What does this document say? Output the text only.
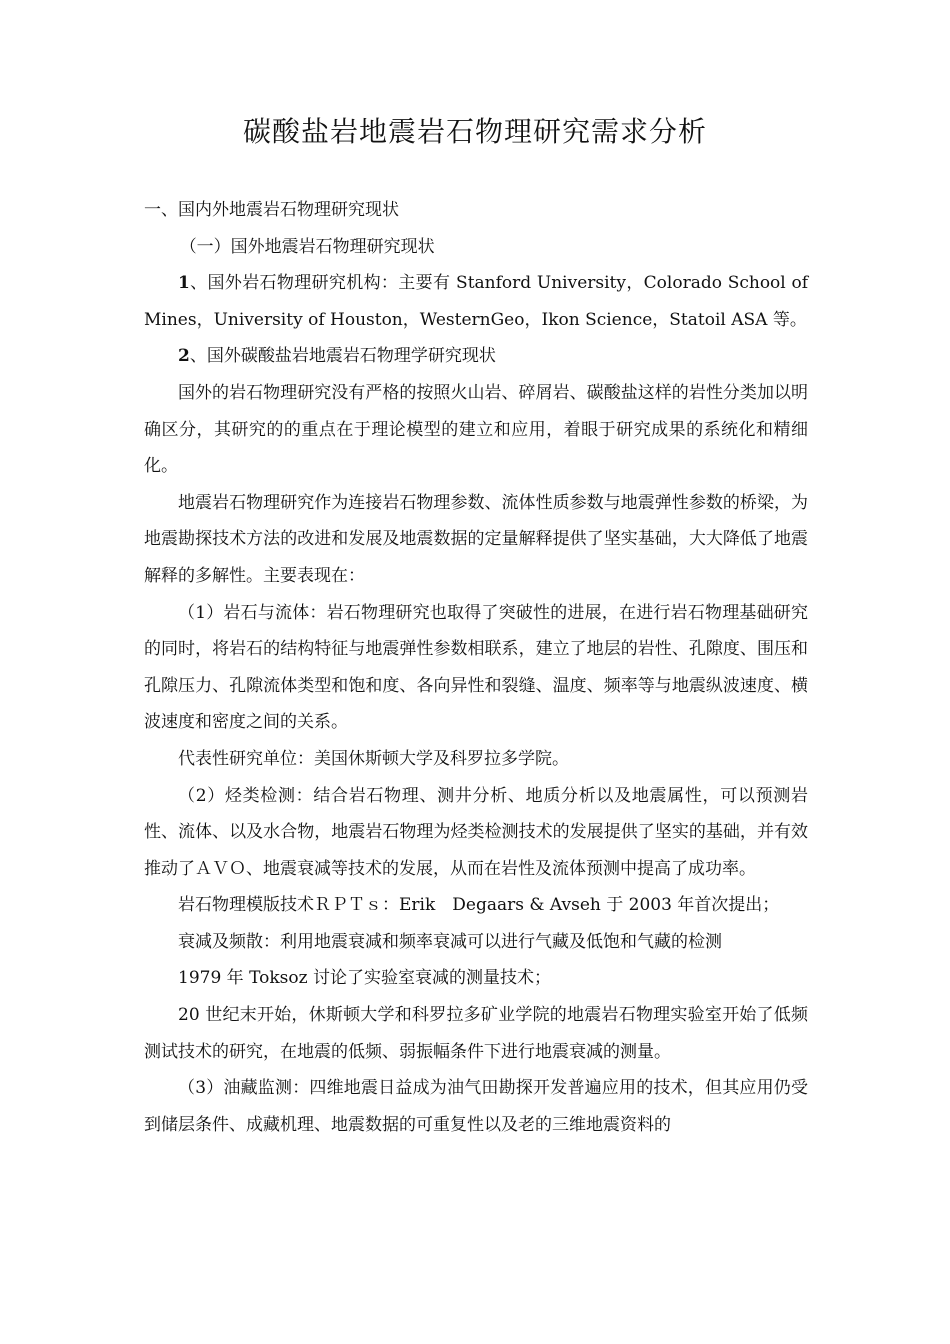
碳酸盐岩地震岩石物理研究需求分析

一、国内外地震岩石物理研究现状

（一）国外地震岩石物理研究现状

1、国外岩石物理研究机构：主要有 Stanford University，Colorado School of Mines，University of Houston，WesternGeo，Ikon Science，Statoil ASA 等。

2、国外碳酸盐岩地震岩石物理学研究现状

国外的岩石物理研究没有严格的按照火山岩、碎屑岩、碳酸盐这样的岩性分类加以明确区分，其研究的的重点在于理论模型的建立和应用，着眼于研究成果的系统化和精细化。

地震岩石物理研究作为连接岩石物理参数、流体性质参数与地震弹性参数的桥梁，为地震勘探技术方法的改进和发展及地震数据的定量解释提供了坚实基础，大大降低了地震解释的多解性。主要表现在：

（1）岩石与流体：岩石物理研究也取得了突破性的进展，在进行岩石物理基础研究的同时，将岩石的结构特征与地震弹性参数相联系，建立了地层的岩性、孔隙度、围压和孔隙压力、孔隙流体类型和饱和度、各向异性和裂缝、温度、频率等与地震纵波速度、横波速度和密度之间的关系。

代表性研究单位：美国休斯顿大学及科罗拉多学院。

（2）烃类检测：结合岩石物理、测井分析、地质分析以及地震属性，可以预测岩性、流体、以及水合物，地震岩石物理为烃类检测技术的发展提供了坚实的基础，并有效推动了ＡＶＯ、地震衰减等技术的发展，从而在岩性及流体预测中提高了成功率。

岩石物理模版技术ＲＰＴｓ：Erik　Degaars & Avseh 于 2003 年首次提出；

衰减及频散：利用地震衰减和频率衰减可以进行气藏及低饱和气藏的检测

1979 年 Toksoz 讨论了实验室衰减的测量技术；

20 世纪末开始，休斯顿大学和科罗拉多矿业学院的地震岩石物理实验室开始了低频测试技术的研究，在地震的低频、弱振幅条件下进行地震衰减的测量。

（3）油藏监测：四维地震日益成为油气田勘探开发普遍应用的技术，但其应用仍受到储层条件、成藏机理、地震数据的可重复性以及老的三维地震资料的
